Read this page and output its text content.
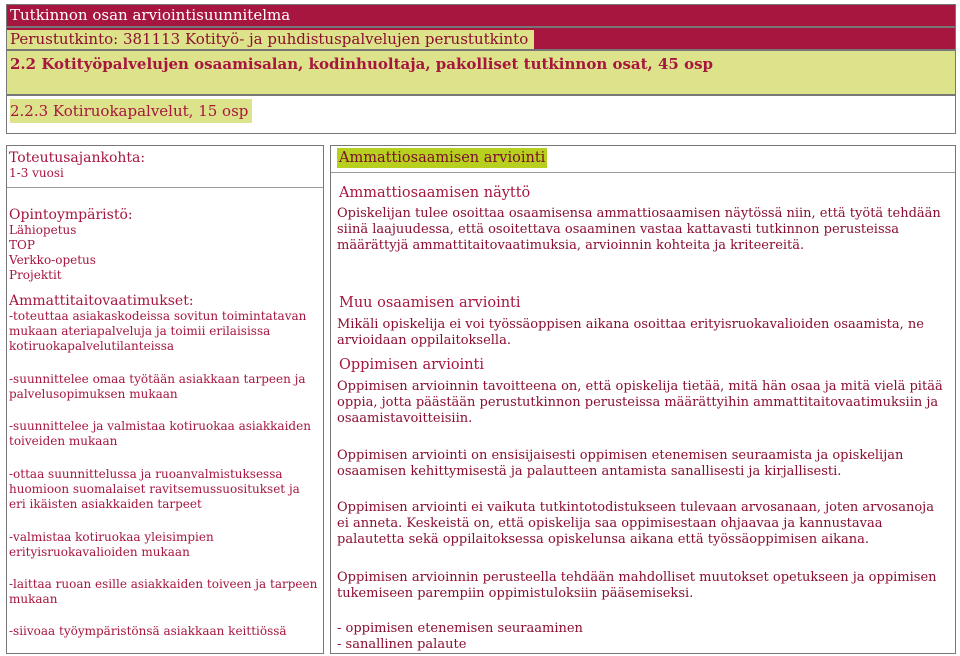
Tutkinnon osan arviointisuunnitelma
Perustutkinto: 381113 Kotityö- ja puhdistuspalvelujen perustutkinto
2.2 Kotityöpalvelujen osaamisalan, kodinhuoltaja, pakolliset tutkinnon osat, 45 osp
2.2.3 Kotiruokapalvelut, 15 osp
Toteutusajankohta:
1-3 vuosi
Opintoympäristö:
Lähiopetus
TOP
Verkko-opetus
Projektit
Ammattitaitovaatimukset:

-toteuttaa asiakaskodeissa sovitun toimintatavan mukaan ateriapalveluja ja toimii erilaisissa kotiruokapalvelutilanteissa

-suunnittelee omaa työtään asiakkaan tarpeen ja palvelusopimuksen mukaan

-suunnittelee ja valmistaa kotiruokaa asiakkaiden toiveiden mukaan

-ottaa suunnittelussa ja ruoanvalmistuksessa huomioon suomalaiset ravitsemussuositukset ja eri ikäisten asiakkaiden tarpeet

-valmistaa kotiruokaa yleisimpien erityisruokavalioiden mukaan

-laittaa ruoan esille asiakkaiden toiveen ja tarpeen mukaan

-siivoaa työympäristönsä asiakkaan keittiössä

Ammattiosaamisen arviointi
Ammattiosaamisen näyttö

Opiskelijan tulee osoittaa osaamisensa ammattiosaamisen näytössä niin, että työtä tehdään siinä laajuudessa, että osoitettava osaaminen vastaa kattavasti tutkinnon perusteissa määrättyjä ammattitaitovaatimuksia, arvioinnin kohteita ja kriteereitä.

Muu osaamisen arviointi

Mikäli opiskelija ei voi työssäoppisen aikana osoittaa erityisruokavalioiden osaamista, ne arvioidaan oppilaitoksella.

Oppimisen arviointi

Oppimisen arvioinnin tavoitteena on, että opiskelija tietää, mitä hän osaa ja mitä vielä pitää oppia, jotta päästään perustutkinnon perusteissa määrättyihin ammattitaitovaatimuksiin ja osaamistavoitteisiin.

Oppimisen arviointi on ensisijaisesti oppimisen etenemisen seuraamista ja opiskelijan osaamisen kehittymisestä ja palautteen antamista sanallisesti ja kirjallisesti.

Oppimisen arviointi ei vaikuta tutkintotodistukseen tulevaan arvosanaan, joten arvosanoja ei anneta. Keskeistä on, että opiskelija saa oppimisestaan ohjaavaa ja kannustavaa palautetta sekä oppilaitoksessa opiskelunsa aikana että työssäoppimisen aikana.

Oppimisen arvioinnin perusteella tehdään mahdolliset muutokset opetukseen ja oppimisen tukemiseen parempiin oppimistuloksiin pääsemiseksi.

- oppimisen etenemisen seuraaminen

- sanallinen palaute
